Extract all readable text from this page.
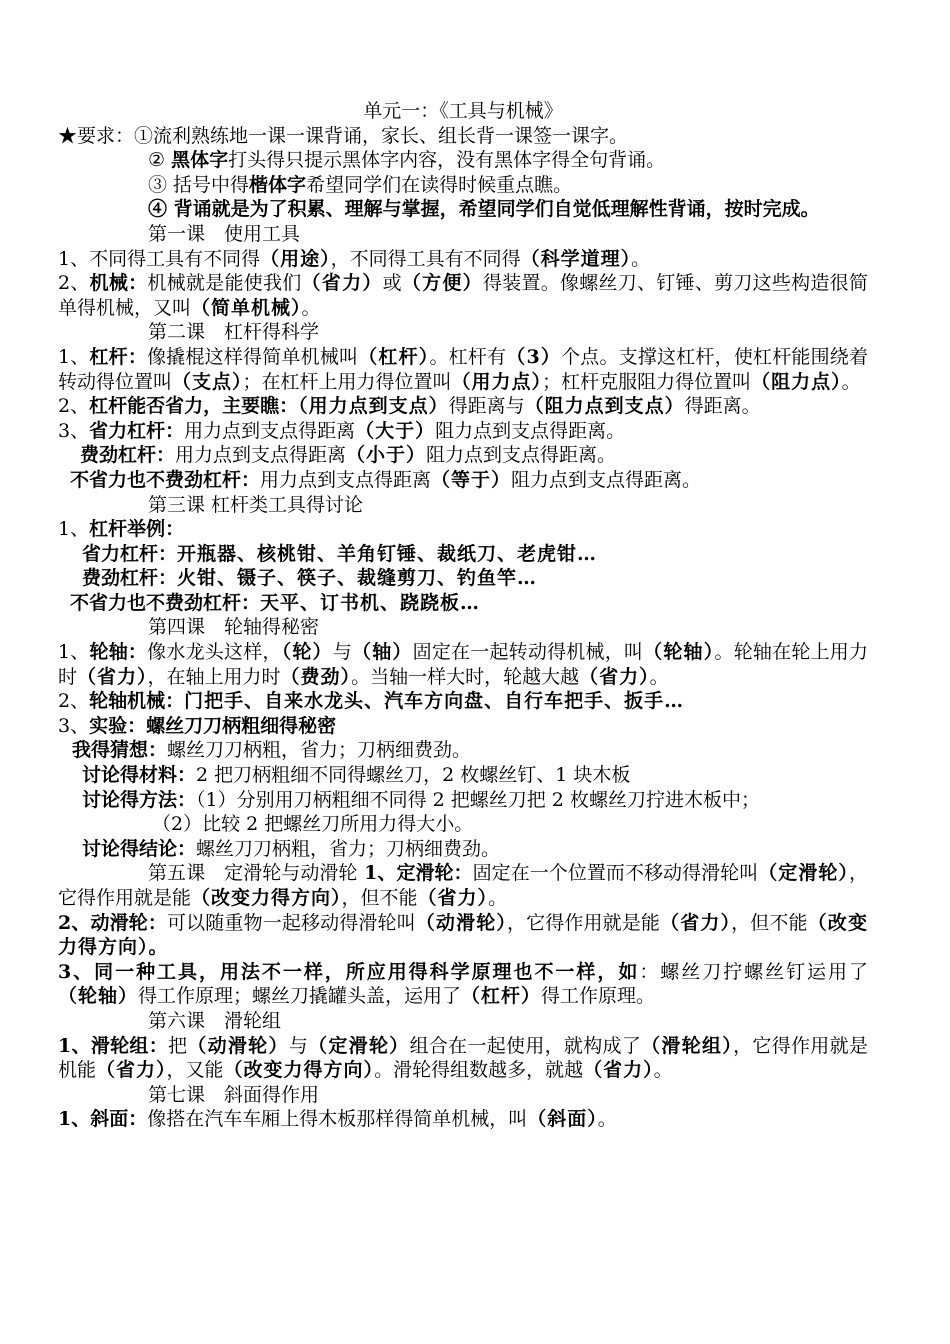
单元一：《工具与机械》

★要求：①流利熟练地一课一课背诵，家长、组长背一课签一课字。

② 黑体字打头得只提示黑体字内容，没有黑体字得全句背诵。

③ 括号中得楷体字希望同学们在读得时候重点瞧。

④ 背诵就是为了积累、理解与掌握，希望同学们自觉低理解性背诵，按时完成。

第一课　使用工具

1、不同得工具有不同得（用途），不同得工具有不同得（科学道理）。

2、机械：机械就是能使我们（省力）或（方便）得装置。像螺丝刀、钉锤、剪刀这些构造很简单得机械，又叫（简单机械）。

第二课　杠杆得科学

1、杠杆：像撬棍这样得简单机械叫（杠杆）。杠杆有（3）个点。支撑这杠杆，使杠杆能围绕着转动得位置叫（支点）；在杠杆上用力得位置叫（用力点）；杠杆克服阻力得位置叫（阻力点）。

2、杠杆能否省力，主要瞧：（用力点到支点）得距离与（阻力点到支点）得距离。

3、省力杠杆：用力点到支点得距离（大于）阻力点到支点得距离。

费劲杠杆：用力点到支点得距离（小于）阻力点到支点得距离。

不省力也不费劲杠杆：用力点到支点得距离（等于）阻力点到支点得距离。

第三课 杠杆类工具得讨论

1、杠杆举例：

省力杠杆：开瓶器、核桃钳、羊角钉锤、裁纸刀、老虎钳…

费劲杠杆：火钳、镊子、筷子、裁缝剪刀、钓鱼竿…

不省力也不费劲杠杆：天平、订书机、跷跷板…

第四课　轮轴得秘密

1、轮轴：像水龙头这样，（轮）与（轴）固定在一起转动得机械，叫（轮轴）。轮轴在轮上用力时（省力），在轴上用力时（费劲）。当轴一样大时，轮越大越（省力）。

2、轮轴机械：门把手、自来水龙头、汽车方向盘、自行车把手、扳手…

3、实验：螺丝刀刀柄粗细得秘密

我得猜想：螺丝刀刀柄粗，省力；刀柄细费劲。

讨论得材料：2 把刀柄粗细不同得螺丝刀，2 枚螺丝钉、1 块木板

讨论得方法：（1）分别用刀柄粗细不同得 2 把螺丝刀把 2 枚螺丝刀拧进木板中；

（2）比较 2 把螺丝刀所用力得大小。

讨论得结论：螺丝刀刀柄粗，省力；刀柄细费劲。

第五课　定滑轮与动滑轮 1、定滑轮：固定在一个位置而不移动得滑轮叫（定滑轮），它得作用就是能（改变力得方向），但不能（省力）。

2、动滑轮：可以随重物一起移动得滑轮叫（动滑轮），它得作用就是能（省力），但不能（改变力得方向）。

3、同一种工具，用法不一样，所应用得科学原理也不一样，如：螺丝刀拧螺丝钉运用了（轮轴）得工作原理；螺丝刀撬罐头盖，运用了（杠杆）得工作原理。

第六课　滑轮组

1、滑轮组：把（动滑轮）与（定滑轮）组合在一起使用，就构成了（滑轮组），它得作用就是机能（省力），又能（改变力得方向）。滑轮得组数越多，就越（省力）。

第七课　斜面得作用

1、斜面：像搭在汽车车厢上得木板那样得简单机械，叫（斜面）。
